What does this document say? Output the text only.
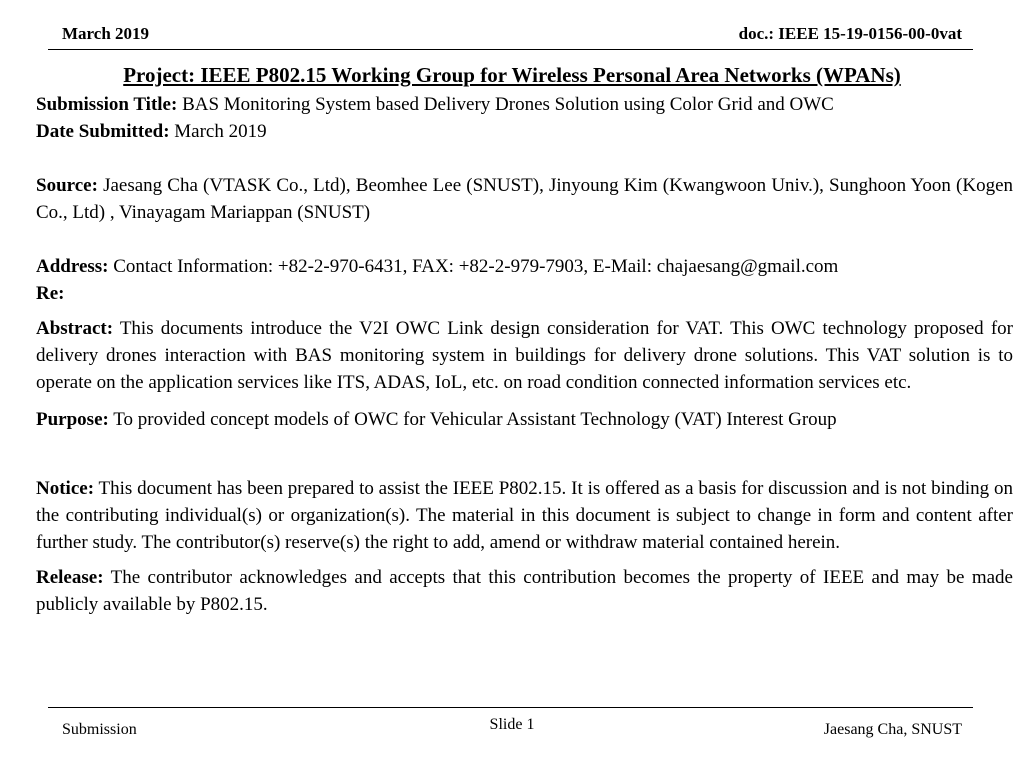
March 2019	doc.: IEEE 15-19-0156-00-0vat
Project: IEEE P802.15 Working Group for Wireless Personal Area Networks (WPANs)

Submission Title: BAS Monitoring System based Delivery Drones Solution using Color Grid and OWC

Date Submitted: March 2019

Source: Jaesang Cha (VTASK Co., Ltd), Beomhee Lee (SNUST), Jinyoung Kim (Kwangwoon Univ.), Sunghoon Yoon (Kogen Co., Ltd) , Vinayagam Mariappan (SNUST)

Address: Contact Information: +82-2-970-6431, FAX: +82-2-979-7903, E-Mail: chajaesang@gmail.com

Re:

Abstract: This documents introduce the V2I OWC Link design consideration for VAT. This OWC technology proposed for delivery drones interaction with BAS monitoring system in buildings for delivery drone solutions. This VAT solution is to operate on the application services like ITS, ADAS, IoL, etc. on road condition connected information services etc.

Purpose: To provided concept models of OWC for Vehicular Assistant Technology (VAT) Interest Group

Notice: This document has been prepared to assist the IEEE P802.15. It is offered as a basis for discussion and is not binding on the contributing individual(s) or organization(s). The material in this document is subject to change in form and content after further study. The contributor(s) reserve(s) the right to add, amend or withdraw material contained herein.

Release: The contributor acknowledges and accepts that this contribution becomes the property of IEEE and may be made publicly available by P802.15.

Submission	Slide 1	Jaesang Cha, SNUST
